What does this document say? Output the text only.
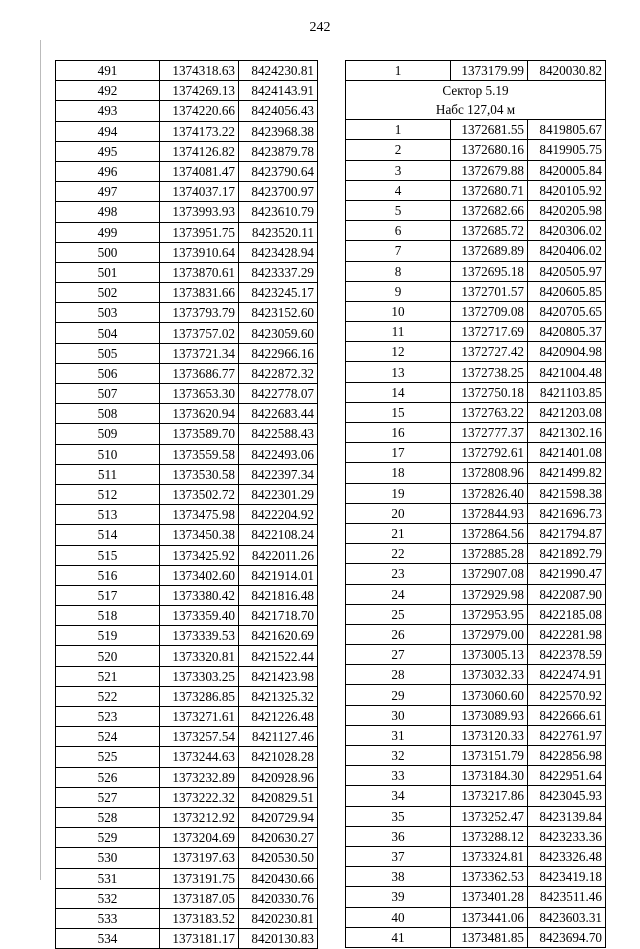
242
491	1374318.63	8424230.81
492	1374269.13	8424143.91
493	1374220.66	8424056.43
494	1374173.22	8423968.38
495	1374126.82	8423879.78
496	1374081.47	8423790.64
497	1374037.17	8423700.97
498	1373993.93	8423610.79
499	1373951.75	8423520.11
500	1373910.64	8423428.94
501	1373870.61	8423337.29
502	1373831.66	8423245.17
503	1373793.79	8423152.60
504	1373757.02	8423059.60
505	1373721.34	8422966.16
506	1373686.77	8422872.32
507	1373653.30	8422778.07
508	1373620.94	8422683.44
509	1373589.70	8422588.43
510	1373559.58	8422493.06
511	1373530.58	8422397.34
512	1373502.72	8422301.29
513	1373475.98	8422204.92
514	1373450.38	8422108.24
515	1373425.92	8422011.26
516	1373402.60	8421914.01
517	1373380.42	8421816.48
518	1373359.40	8421718.70
519	1373339.53	8421620.69
520	1373320.81	8421522.44
521	1373303.25	8421423.98
522	1373286.85	8421325.32
523	1373271.61	8421226.48
524	1373257.54	8421127.46
525	1373244.63	8421028.28
526	1373232.89	8420928.96
527	1373222.32	8420829.51
528	1373212.92	8420729.94
529	1373204.69	8420630.27
530	1373197.63	8420530.50
531	1373191.75	8420430.66
532	1373187.05	8420330.76
533	1373183.52	8420230.81
534	1373181.17	8420130.83
1	1373179.99	8420030.82

Сектор 5.19
Набс 127,04 м		

1	1372681.55	8419805.67
2	1372680.16	8419905.75
3	1372679.88	8420005.84
4	1372680.71	8420105.92
5	1372682.66	8420205.98
6	1372685.72	8420306.02
7	1372689.89	8420406.02
8	1372695.18	8420505.97
9	1372701.57	8420605.85
10	1372709.08	8420705.65
11	1372717.69	8420805.37
12	1372727.42	8420904.98
13	1372738.25	8421004.48
14	1372750.18	8421103.85
15	1372763.22	8421203.08
16	1372777.37	8421302.16
17	1372792.61	8421401.08
18	1372808.96	8421499.82
19	1372826.40	8421598.38
20	1372844.93	8421696.73
21	1372864.56	8421794.87
22	1372885.28	8421892.79
23	1372907.08	8421990.47
24	1372929.98	8422087.90
25	1372953.95	8422185.08
26	1372979.00	8422281.98
27	1373005.13	8422378.59
28	1373032.33	8422474.91
29	1373060.60	8422570.92
30	1373089.93	8422666.61
31	1373120.33	8422761.97
32	1373151.79	8422856.98
33	1373184.30	8422951.64
34	1373217.86	8423045.93
35	1373252.47	8423139.84
36	1373288.12	8423233.36
37	1373324.81	8423326.48
38	1373362.53	8423419.18
39	1373401.28	8423511.46
40	1373441.06	8423603.31
41	1373481.85	8423694.70
